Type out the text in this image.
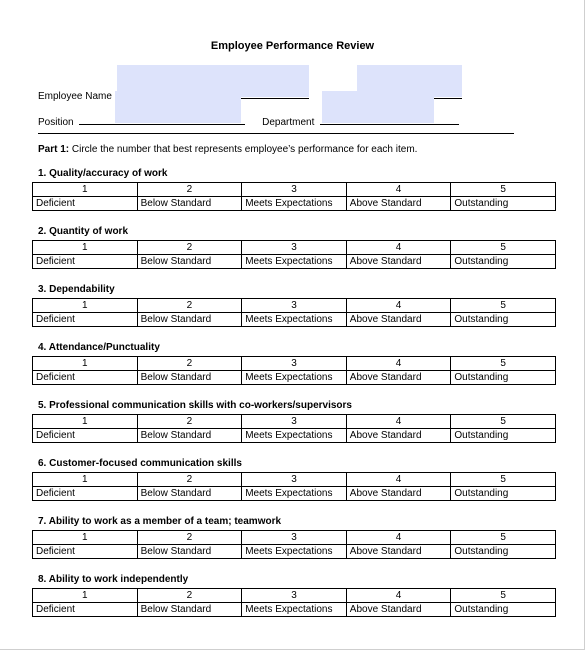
Employee Performance Review
Employee Name

Position	Department
Part 1: Circle the number that best represents employee’s performance for each item.
1. Quality/accuracy of work
1	2	3	4	5
Deficient	Below Standard	Meets Expectations	Above Standard	Outstanding
2. Quantity of work
1	2	3	4	5
Deficient	Below Standard	Meets Expectations	Above Standard	Outstanding
3. Dependability
1	2	3	4	5
Deficient	Below Standard	Meets Expectations	Above Standard	Outstanding
4. Attendance/Punctuality
1	2	3	4	5
Deficient	Below Standard	Meets Expectations	Above Standard	Outstanding
5. Professional communication skills with co-workers/supervisors
1	2	3	4	5
Deficient	Below Standard	Meets Expectations	Above Standard	Outstanding
6. Customer-focused communication skills
1	2	3	4	5
Deficient	Below Standard	Meets Expectations	Above Standard	Outstanding
7. Ability to work as a member of a team; teamwork
1	2	3	4	5
Deficient	Below Standard	Meets Expectations	Above Standard	Outstanding
8. Ability to work independently
1	2	3	4	5
Deficient	Below Standard	Meets Expectations	Above Standard	Outstanding
